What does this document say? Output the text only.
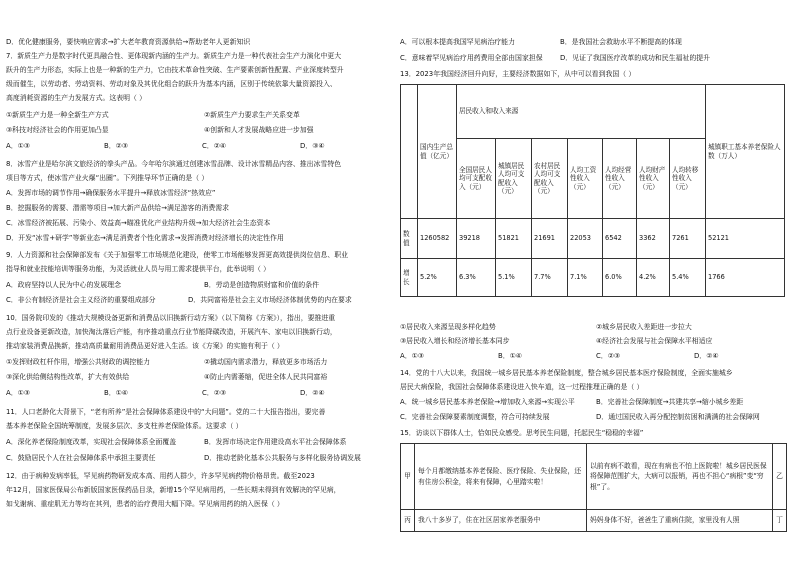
D．优化健康服务，要快响应需求→扩大老年教育资源供给→帮助老年人更新知识
7．新质生产力是数字时代更具融合性、更体现新内涵的生产力。新质生产力是一种代表社会生产力演化中更大
跃升的生产力形态，实际上也是一种新的生产力，它由技术革命性突破、生产要素创新性配置、产业深度转型升
级而催生，以劳动者、劳动资料、劳动对象及其优化组合的跃升为基本内涵，区别于传统依靠大量资源投入、
高度消耗资源的生产力发展方式。这表明（ ）
①新质生产力是一种全新生产方式	②新质生产力要求生产关系变革
③科技对经济社会的作用更加凸显	④创新和人才发展战略应进一步加强
A．①③	B．②③	C．②④	D．③④
8．冰雪产业是哈尔滨文旅经济的拳头产品。今年哈尔滨通过创建冰雪品牌、设计冰雪精品内容、推出冰雪特色
项目等方式，使冰雪产业火爆“出圈”。下列推导环节正确的是（ ）
A．发挥市场的调节作用→确保服务水平提升→释放冰雪经济“热效应”
B．挖掘服务的需要、潜需等项目→加大新产品供给→满足游客的消费需求
C．冰雪经济被拓展、污染小、效益高→瞄准优化产业结构升级→加大经济社会生态资本
D．开发“冰雪+研学”等新业态→满足消费者个性化需求→发挥消费对经济增长的决定性作用
9．人力资源和社会保障部发布《关于加强零工市场规范化建设，使零工市场能够发挥更高效提供岗位信息、职业
指导和就业技能培训等服务功能，为灵活就业人员与用工需求提供平台，此举说明（ ）
A．政府坚持以人民为中心的发展理念	B．劳动是创造物质财富和价值的条件
C．非公有制经济是社会主义经济的重要组成部分	D．共同富裕是社会主义市场经济体制优势的内在要求
10．国务院印发的《推动大规模设备更新和消费品以旧换新行动方案》（以下简称《方案》），指出，要推进重
点行业设备更新改造，加快淘汰落后产能，有序推动重点行业节能降碳改造，开展汽车、家电以旧换新行动，
推动家装消费品换新，推动高质量耐用消费品更好进入生活。该《方案》的实施有利于（ ）
①发挥财政杠杆作用，增强公共财政的调控能力	②撬动国内需求潜力，释放更多市场活力
③深化供给侧结构性改革，扩大有效供给	④防止内需萎缩，促进全体人民共同富裕
A．①③	B．①④	C．②③	D．②④
11．人口老龄化大背景下，“老有所养”是社会保障体系建设中的“大问题”。党的二十大报告指出，要完善
基本养老保险全国统筹制度，发展多层次、多支柱养老保险体系。这要求（ ）
A．深化养老保险制度改革，实现社会保障体系全面覆盖	B．发挥市场决定作用建设高水平社会保障体系
C．鼓励居民个人在社会保障体系中承担主要责任	D．推动老龄化基本公共服务与多样化服务协调发展
12．由于病种发病率低，罕见病药物研发成本高、用药人群少，许多罕见病药物价格昂贵。截至2023
年12月，国家医保局公布新版国家医保药品目录，新增15个罕见病用药，一些长期未得到有效解决的罕见病，
如戈谢病、重症肌无力等均在其列，患者的治疗费用大幅下降。罕见病用药的纳入医保（ ）
A．可以根本提高我国罕见病治疗能力	B．是我国社会救助水平不断提高的体现
C．意味着罕见病治疗用药费用全部由国家担保	D．见证了我国医疗改革的成功和民生福祉的提升
13．2023年我国经济回升向好，主要经济数据如下，从中可以看到我国（ ）
	国内生产总值（亿元）	居民收入和收入来源							城镇职工基本养老保险人数（万人）
		全国居民人均可支配收入（元）	城镇居民人均可支配收入（元）	农村居民人均可支配收入（元）	人均工资性收入（元）	人均经营性收入（元）	人均财产性收入（元）	人均转移性收入（元）	
数值	1260582	39218	51821	21691	22053	6542	3362	7261	52121
增长	5.2%	6.3%	5.1%	7.7%	7.1%	6.0%	4.2%	5.4%	1766
①居民收入来源呈现多样化趋势	②城乡居民收入差距进一步拉大
③居民收入增长和经济增长基本同步	④经济社会发展与社会保障水平相适应
A．①③	B．①④	C．②③	D．②④
14．党的十八大以来，我国统一城乡居民基本养老保险制度，整合城乡居民基本医疗保险制度，全面实施城乡
居民大病保险，我国社会保障体系建设进入快车道，这一过程推理正确的是（ ）
A．统一城乡居民基本养老保险→增加收入来源→实现公平	B．完善社会保障制度→共建共享→缩小城乡差距
C．完善社会保障要素制度调整，符合可持续发展	D．通过国民收入再分配控制贫困和满满的社会保障网
15．访谈以下群体人士，恰如民众感受。思考民生问题，托起民生“稳稳的幸福”
甲	每个月都缴纳基本养老保险、医疗保险、失业保险，还有住房公积金，将来有保障，心里踏实啦！	以前有病不敢看，现在有病也不怕上医院啦！城乡居民医保将保障范围扩大，大病可以报销，再也不担心“病根”变“穷根”了。	乙
丙	我八十多岁了，住在社区居家养老服务中	妈妈身体不好，爸爸生了重病住院，家里没有人照	丁
